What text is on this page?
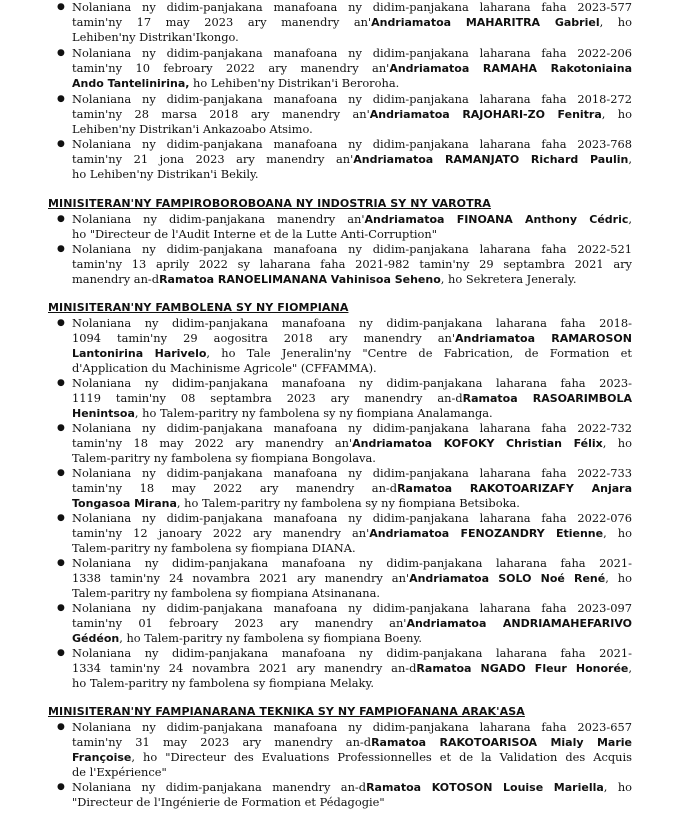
● Nolaniana ny didim-panjakana manafoana ny didim-panjakana laharana faha 2023-577
tamin'ny 17 may 2023 ary manendry an'Andriamatoa MAHARITRA Gabriel, ho
Lehiben'ny Distrikan'Ikongo.
● Nolaniana ny didim-panjakana manafoana ny didim-panjakana laharana faha 2022-206
tamin'ny 10 febroary 2022 ary manendry an'Andriamatoa RAMAHA Rakotoniaina
Ando Tantelinirina, ho Lehiben'ny Distrikan'i Beroroha.
● Nolaniana ny didim-panjakana manafoana ny didim-panjakana laharana faha 2018-272
tamin'ny 28 marsa 2018 ary manendry an'Andriamatoa RAJOHARI-ZO Fenitra, ho
Lehiben'ny Distrikan'i Ankazoabo Atsimo.
● Nolaniana ny didim-panjakana manafoana ny didim-panjakana laharana faha 2023-768
tamin'ny 21 jona 2023 ary manendry an'Andriamatoa RAMANJATO Richard Paulin,
ho Lehiben'ny Distrikan'i Bekily.
MINISITERAN'NY FAMPIROBOROBOANA NY INDOSTRIA SY NY VAROTRA
● Nolaniana ny didim-panjakana manendry an'Andriamatoa FINOANA Anthony Cédric,
ho "Directeur de l'Audit Interne et de la Lutte Anti-Corruption"
● Nolaniana ny didim-panjakana manafoana ny didim-panjakana laharana faha 2022-521
tamin'ny 13 aprily 2022 sy laharana faha 2021-982 tamin'ny 29 septambra 2021 ary
manendry an-dRamatoa RANOELIMANANA Vahinisoa Seheno, ho Sekretera Jeneraly.
MINISITERAN'NY FAMBOLENA SY NY FIOMPIANA
● Nolaniana ny didim-panjakana manafoana ny didim-panjakana laharana faha 2018-
1094 tamin'ny 29 aogositra 2018 ary manendry an'Andriamatoa RAMAROSON
Lantonirina Harivelo, ho Tale Jeneralin'ny "Centre de Fabrication, de Formation et
d'Application du Machinisme Agricole" (CFFAMMA).
● Nolaniana ny didim-panjakana manafoana ny didim-panjakana laharana faha 2023-
1119 tamin'ny 08 septambra 2023 ary manendry an-dRamatoa RASOARIMBOLA
Henintsoa, ho Talem-paritry ny fambolena sy ny fiompiana Analamanga.
● Nolaniana ny didim-panjakana manafoana ny didim-panjakana laharana faha 2022-732
tamin'ny 18 may 2022 ary manendry an'Andriamatoa KOFOKY Christian Félix, ho
Talem-paritry ny fambolena sy fiompiana Bongolava.
● Nolaniana ny didim-panjakana manafoana ny didim-panjakana laharana faha 2022-733
tamin'ny 18 may 2022 ary manendry an-dRamatoa RAKOTOARIZAFY Anjara
Tongasoa Mirana, ho Talem-paritry ny fambolena sy ny fiompiana Betsiboka.
● Nolaniana ny didim-panjakana manafoana ny didim-panjakana laharana faha 2022-076
tamin'ny 12 janoary 2022 ary manendry an'Andriamatoa FENOZANDRY Etienne, ho
Talem-paritry ny fambolena sy fiompiana DIANA.
● Nolaniana ny didim-panjakana manafoana ny didim-panjakana laharana faha 2021-
1338 tamin'ny 24 novambra 2021 ary manendry an'Andriamatoa SOLO Noé René, ho
Talem-paritry ny fambolena sy fiompiana Atsinanana.
● Nolaniana ny didim-panjakana manafoana ny didim-panjakana laharana faha 2023-097
tamin'ny 01 febroary 2023 ary manendry an'Andriamatoa ANDRIAMAHEFARIVO
Gédéon, ho Talem-paritry ny fambolena sy fiompiana Boeny.
● Nolaniana ny didim-panjakana manafoana ny didim-panjakana laharana faha 2021-
1334 tamin'ny 24 novambra 2021 ary manendry an-dRamatoa NGADO Fleur Honorée,
ho Talem-paritry ny fambolena sy fiompiana Melaky.
MINISITERAN'NY FAMPIANARANA TEKNIKA SY NY FAMPIOFANANA ARAK'ASA
● Nolaniana ny didim-panjakana manafoana ny didim-panjakana laharana faha 2023-657
tamin'ny 31 may 2023 ary manendry an-dRamatoa RAKOTOARISOA Mialy Marie
Françoise, ho "Directeur des Evaluations Professionnelles et de la Validation des Acquis
de l'Expérience"
● Nolaniana ny didim-panjakana manendry an-dRamatoa KOTOSON Louise Mariella, ho
"Directeur de l'Ingénierie de Formation et Pédagogie"
